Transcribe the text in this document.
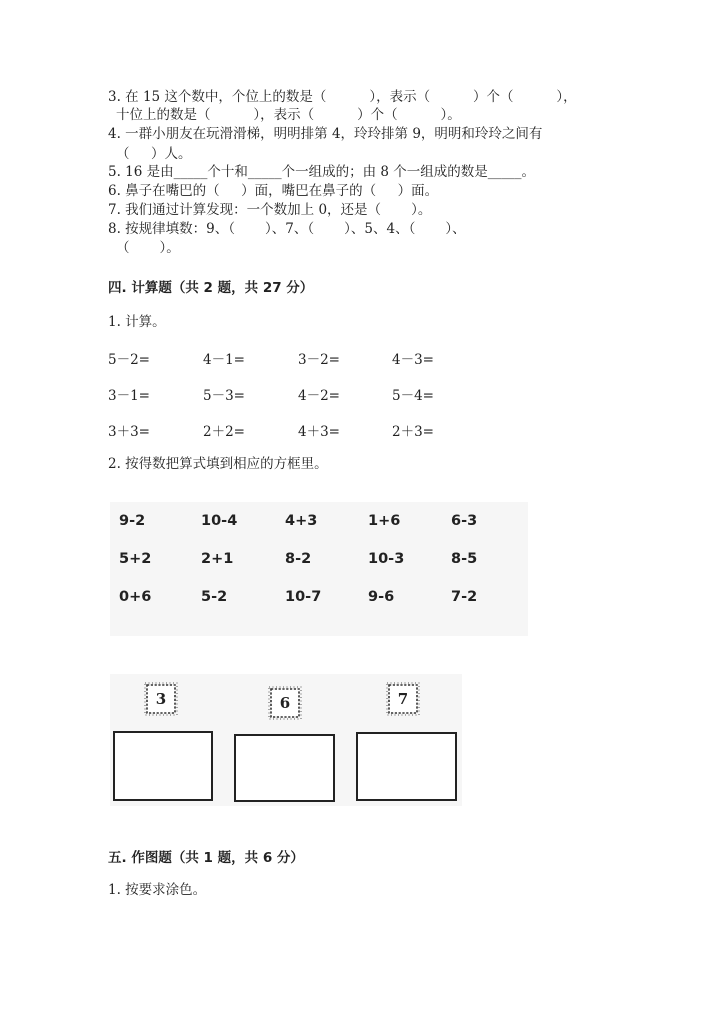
3. 在 15 这个数中，个位上的数是（          ），表示（          ）个（          ），
十位上的数是（          ），表示（          ）个（          ）。
4. 一群小朋友在玩滑滑梯，明明排第 4，玲玲排第 9，明明和玲玲之间有
（     ）人。
5. 16 是由_____个十和_____个一组成的；由 8 个一组成的数是_____。
6. 鼻子在嘴巴的（     ）面，嘴巴在鼻子的（     ）面。
7. 我们通过计算发现：一个数加上 0，还是（       ）。
8. 按规律填数：9、（       ）、7、（       ）、5、4、（       ）、
（       ）。
四. 计算题（共 2 题，共 27 分）
1. 计算。
5－2=	4－1=	3－2=	4－3=
3－1=	5－3=	4－2=	5－4=
3＋3=	2＋2=	4＋3=	2＋3=
2. 按得数把算式填到相应的方框里。
9-2	10-4	4+3	1+6	6-3
5+2	2+1	8-2	10-3	8-5
0+6	5-2	10-7	9-6	7-2
3	6	7
五. 作图题（共 1 题，共 6 分）
1. 按要求涂色。
